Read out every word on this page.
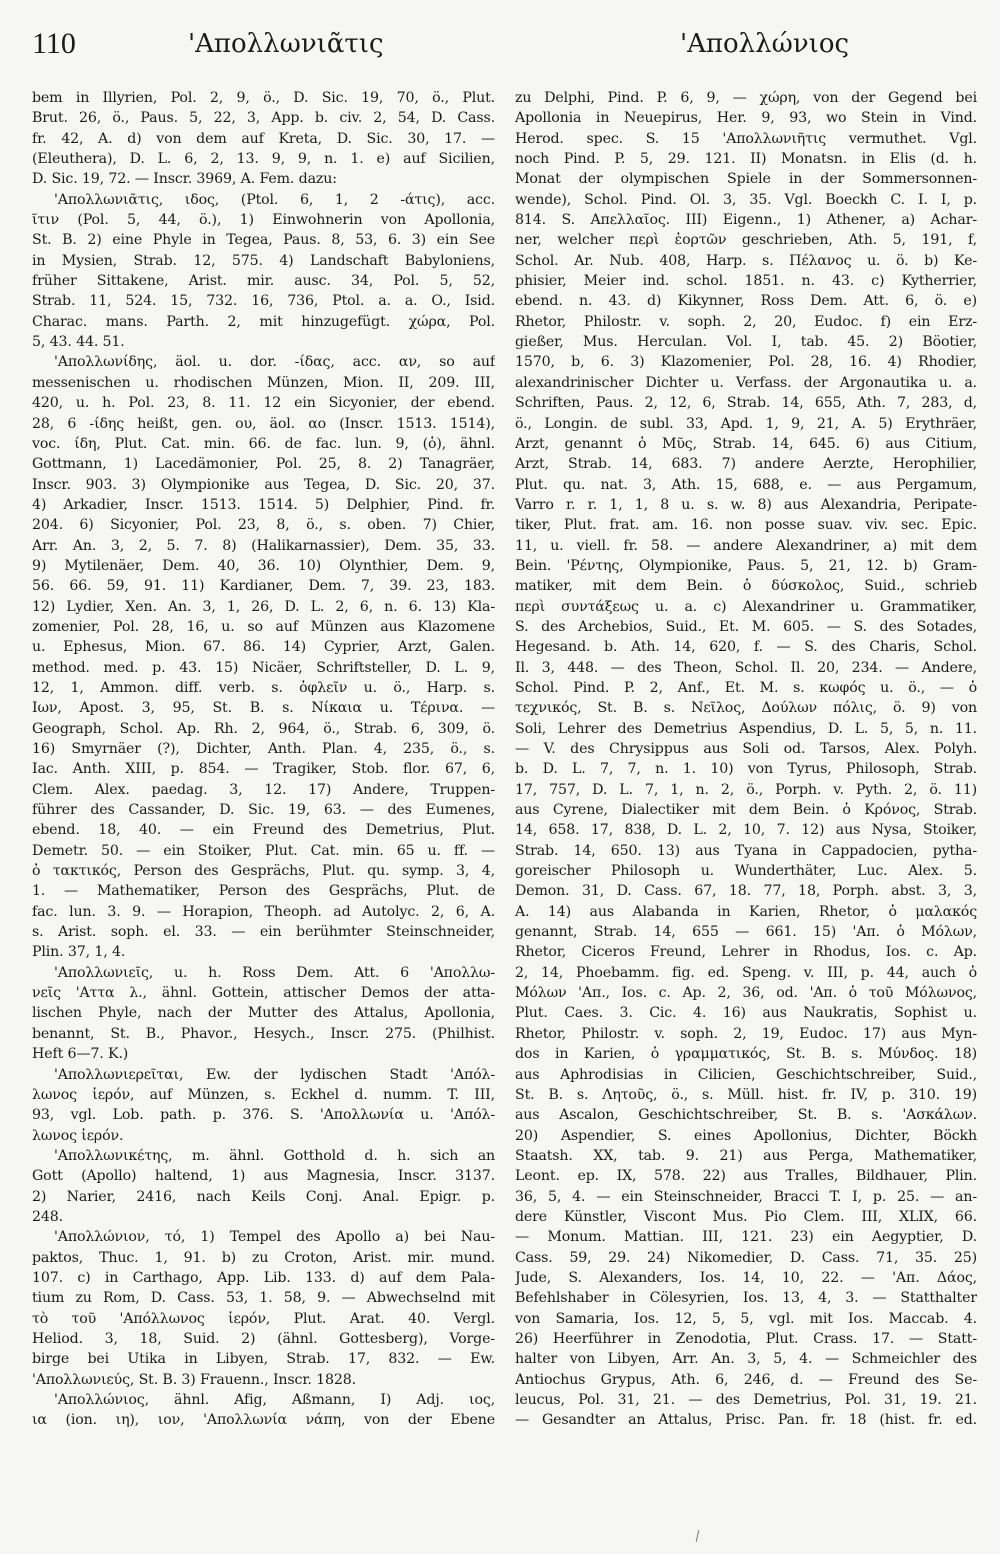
110	'Απολλωνιᾶτις	'Απολλώνιος
bem in Illyrien, Pol. 2, 9, ö., D. Sic. 19, 70, ö., Plut.
Brut. 26, ö., Paus. 5, 22, 3, App. b. civ. 2, 54, D. Cass.
fr. 42, A. d) von dem auf Kreta, D. Sic. 30, 17. —
(Eleuthera), D. L. 6, 2, 13. 9, 9, n. 1. e) auf Sicilien,
D. Sic. 19, 72. — Inscr. 3969, A. Fem. dazu:
'Απολλωνιᾶτις, ιδος, (Ptol. 6, 1, 2 -άτις), acc.
ῖτιν (Pol. 5, 44, ö.), 1) Einwohnerin von Apollonia,
St. B. 2) eine Phyle in Tegea, Paus. 8, 53, 6. 3) ein See
in Mysien, Strab. 12, 575. 4) Landschaft Babyloniens,
früher Sittakene, Arist. mir. ausc. 34, Pol. 5, 52,
Strab. 11, 524. 15, 732. 16, 736, Ptol. a. a. O., Isid.
Charac. mans. Parth. 2, mit hinzugefügt. χώρα, Pol.
5, 43. 44. 51.
'Απολλωνίδης, äol. u. dor. -ίδας, acc. αν, so auf
messenischen u. rhodischen Münzen, Mion. II, 209. III,
420, u. h. Pol. 23, 8. 11. 12 ein Sicyonier, der ebend.
28, 6 -ίδης heißt, gen. ου, äol. αο (Inscr. 1513. 1514),
voc. ίδη, Plut. Cat. min. 66. de fac. lun. 9, (ὁ), ähnl.
Gottmann, 1) Lacedämonier, Pol. 25, 8. 2) Tanagräer,
Inscr. 903. 3) Olympionike aus Tegea, D. Sic. 20, 37.
4) Arkadier, Inscr. 1513. 1514. 5) Delphier, Pind. fr.
204. 6) Sicyonier, Pol. 23, 8, ö., s. oben. 7) Chier,
Arr. An. 3, 2, 5. 7. 8) (Halikarnassier), Dem. 35, 33.
9) Mytilenäer, Dem. 40, 36. 10) Olynthier, Dem. 9,
56. 66. 59, 91. 11) Kardianer, Dem. 7, 39. 23, 183.
12) Lydier, Xen. An. 3, 1, 26, D. L. 2, 6, n. 6. 13) Kla-
zomenier, Pol. 28, 16, u. so auf Münzen aus Klazomene
u. Ephesus, Mion. 67. 86. 14) Cyprier, Arzt, Galen.
method. med. p. 43. 15) Nicäer, Schriftsteller, D. L. 9,
12, 1, Ammon. diff. verb. s. ὀφλεῖν u. ö., Harp. s.
Ιων, Apost. 3, 95, St. B. s. Νίκαια u. Τέρινα. —
Geograph, Schol. Ap. Rh. 2, 964, ö., Strab. 6, 309, ö.
16) Smyrnäer (?), Dichter, Anth. Plan. 4, 235, ö., s.
Iac. Anth. XIII, p. 854. — Tragiker, Stob. flor. 67, 6,
Clem. Alex. paedag. 3, 12. 17) Andere, Truppen-
führer des Cassander, D. Sic. 19, 63. — des Eumenes,
ebend. 18, 40. — ein Freund des Demetrius, Plut.
Demetr. 50. — ein Stoiker, Plut. Cat. min. 65 u. ff. —
ὁ τακτικός, Person des Gesprächs, Plut. qu. symp. 3, 4,
1. — Mathematiker, Person des Gesprächs, Plut. de
fac. lun. 3. 9. — Horapion, Theoph. ad Autolyc. 2, 6, A.
s. Arist. soph. el. 33. — ein berühmter Steinschneider,
Plin. 37, 1, 4.
'Απολλωνιεῖς, u. h. Ross Dem. Att. 6 'Απολλω-
νεῖς 'Αττα λ., ähnl. Gottein, attischer Demos der atta-
lischen Phyle, nach der Mutter des Attalus, Apollonia,
benannt, St. B., Phavor., Hesych., Inscr. 275. (Philhist.
Heft 6—7. K.)
'Απολλωνιερεῖται, Ew. der lydischen Stadt 'Απόλ-
λωνος ἱερόν, auf Münzen, s. Eckhel d. numm. T. III,
93, vgl. Lob. path. p. 376. S. 'Απολλωνία u. 'Απόλ-
λωνος ἱερόν.
'Απολλωνικέτης, m. ähnl. Gotthold d. h. sich an
Gott (Apollo) haltend, 1) aus Magnesia, Inscr. 3137.
2) Narier, 2416, nach Keils Conj. Anal. Epigr. p.
248.
'Απολλώνιον, τό, 1) Tempel des Apollo a) bei Nau-
paktos, Thuc. 1, 91. b) zu Croton, Arist. mir. mund.
107. c) in Carthago, App. Lib. 133. d) auf dem Pala-
tium zu Rom, D. Cass. 53, 1. 58, 9. — Abwechselnd mit
τὸ τοῦ 'Απόλλωνος ἱερόν, Plut. Arat. 40. Vergl.
Heliod. 3, 18, Suid. 2) (ähnl. Gottesberg), Vorge-
birge bei Utika in Libyen, Strab. 17, 832. — Ew.
'Απολλωνιεύς, St. B. 3) Frauenn., Inscr. 1828.
'Απολλώνιος, ähnl. Afig, Aßmann, I) Adj. ιος,
ια (ion. ιη), ιον, 'Απολλωνία νάπη, von der Ebene
zu Delphi, Pind. P. 6, 9, — χώρη, von der Gegend bei
Apollonia in Neuepirus, Her. 9, 93, wo Stein in Vind.
Herod. spec. S. 15 'Απολλωνιῆτις vermuthet. Vgl.
noch Pind. P. 5, 29. 121. II) Monatsn. in Elis (d. h.
Monat der olympischen Spiele in der Sommersonnen-
wende), Schol. Pind. Ol. 3, 35. Vgl. Boeckh C. I. I, p.
814. S. Απελλαῖος. III) Eigenn., 1) Athener, a) Achar-
ner, welcher περὶ ἑορτῶν geschrieben, Ath. 5, 191, f,
Schol. Ar. Nub. 408, Harp. s. Πέλανος u. ö. b) Ke-
phisier, Meier ind. schol. 1851. n. 43. c) Kytherrier,
ebend. n. 43. d) Kikynner, Ross Dem. Att. 6, ö. e)
Rhetor, Philostr. v. soph. 2, 20, Eudoc. f) ein Erz-
gießer, Mus. Herculan. Vol. I, tab. 45. 2) Böotier,
1570, b, 6. 3) Klazomenier, Pol. 28, 16. 4) Rhodier,
alexandrinischer Dichter u. Verfass. der Argonautika u. a.
Schriften, Paus. 2, 12, 6, Strab. 14, 655, Ath. 7, 283, d,
ö., Longin. de subl. 33, Apd. 1, 9, 21, A. 5) Erythräer,
Arzt, genannt ὁ Μῦς, Strab. 14, 645. 6) aus Citium,
Arzt, Strab. 14, 683. 7) andere Aerzte, Herophilier,
Plut. qu. nat. 3, Ath. 15, 688, e. — aus Pergamum,
Varro r. r. 1, 1, 8 u. s. w. 8) aus Alexandria, Peripate-
tiker, Plut. frat. am. 16. non posse suav. viv. sec. Epic.
11, u. viell. fr. 58. — andere Alexandriner, a) mit dem
Bein. 'Ρέντης, Olympionike, Paus. 5, 21, 12. b) Gram-
matiker, mit dem Bein. ὁ δύσκολος, Suid., schrieb
περὶ συντάξεως u. a. c) Alexandriner u. Grammatiker,
S. des Archebios, Suid., Et. M. 605. — S. des Sotades,
Hegesand. b. Ath. 14, 620, f. — S. des Charis, Schol.
Il. 3, 448. — des Theon, Schol. Il. 20, 234. — Andere,
Schol. Pind. P. 2, Anf., Et. M. s. κωφός u. ö., — ὁ
τεχνικός, St. B. s. Νεῖλος, Δούλων πόλις, ö. 9) von
Soli, Lehrer des Demetrius Aspendius, D. L. 5, 5, n. 11.
— V. des Chrysippus aus Soli od. Tarsos, Alex. Polyh.
b. D. L. 7, 7, n. 1. 10) von Tyrus, Philosoph, Strab.
17, 757, D. L. 7, 1, n. 2, ö., Porph. v. Pyth. 2, ö. 11)
aus Cyrene, Dialectiker mit dem Bein. ὁ Κρόνος, Strab.
14, 658. 17, 838, D. L. 2, 10, 7. 12) aus Nysa, Stoiker,
Strab. 14, 650. 13) aus Tyana in Cappadocien, pytha-
goreischer Philosoph u. Wunderthäter, Luc. Alex. 5.
Demon. 31, D. Cass. 67, 18. 77, 18, Porph. abst. 3, 3,
A. 14) aus Alabanda in Karien, Rhetor, ὁ μαλακός
genannt, Strab. 14, 655 — 661. 15) 'Απ. ὁ Μόλων,
Rhetor, Ciceros Freund, Lehrer in Rhodus, Ios. c. Ap.
2, 14, Phoebamm. fig. ed. Speng. v. III, p. 44, auch ὁ
Μόλων 'Απ., Ios. c. Ap. 2, 36, od. 'Απ. ὁ τοῦ Μόλωνος,
Plut. Caes. 3. Cic. 4. 16) aus Naukratis, Sophist u.
Rhetor, Philostr. v. soph. 2, 19, Eudoc. 17) aus Myn-
dos in Karien, ὁ γραμματικός, St. B. s. Μύνδος. 18)
aus Aphrodisias in Cilicien, Geschichtschreiber, Suid.,
St. B. s. Λητοῦς, ö., s. Müll. hist. fr. IV, p. 310. 19)
aus Ascalon, Geschichtschreiber, St. B. s. 'Ασκάλων.
20) Aspendier, S. eines Apollonius, Dichter, Böckh
Staatsh. XX, tab. 9. 21) aus Perga, Mathematiker,
Leont. ep. IX, 578. 22) aus Tralles, Bildhauer, Plin.
36, 5, 4. — ein Steinschneider, Bracci T. I, p. 25. — an-
dere Künstler, Viscont Mus. Pio Clem. III, XLIX, 66.
— Monum. Mattian. III, 121. 23) ein Aegyptier, D.
Cass. 59, 29. 24) Nikomedier, D. Cass. 71, 35. 25)
Jude, S. Alexanders, Ios. 14, 10, 22. — 'Απ. Δάος,
Befehlshaber in Cölesyrien, Ios. 13, 4, 3. — Statthalter
von Samaria, Ios. 12, 5, 5, vgl. mit Ios. Maccab. 4.
26) Heerführer in Zenodotia, Plut. Crass. 17. — Statt-
halter von Libyen, Arr. An. 3, 5, 4. — Schmeichler des
Antiochus Grypus, Ath. 6, 246, d. — Freund des Se-
leucus, Pol. 31, 21. — des Demetrius, Pol. 31, 19. 21.
— Gesandter an Attalus, Prisc. Pan. fr. 18 (hist. fr. ed.
